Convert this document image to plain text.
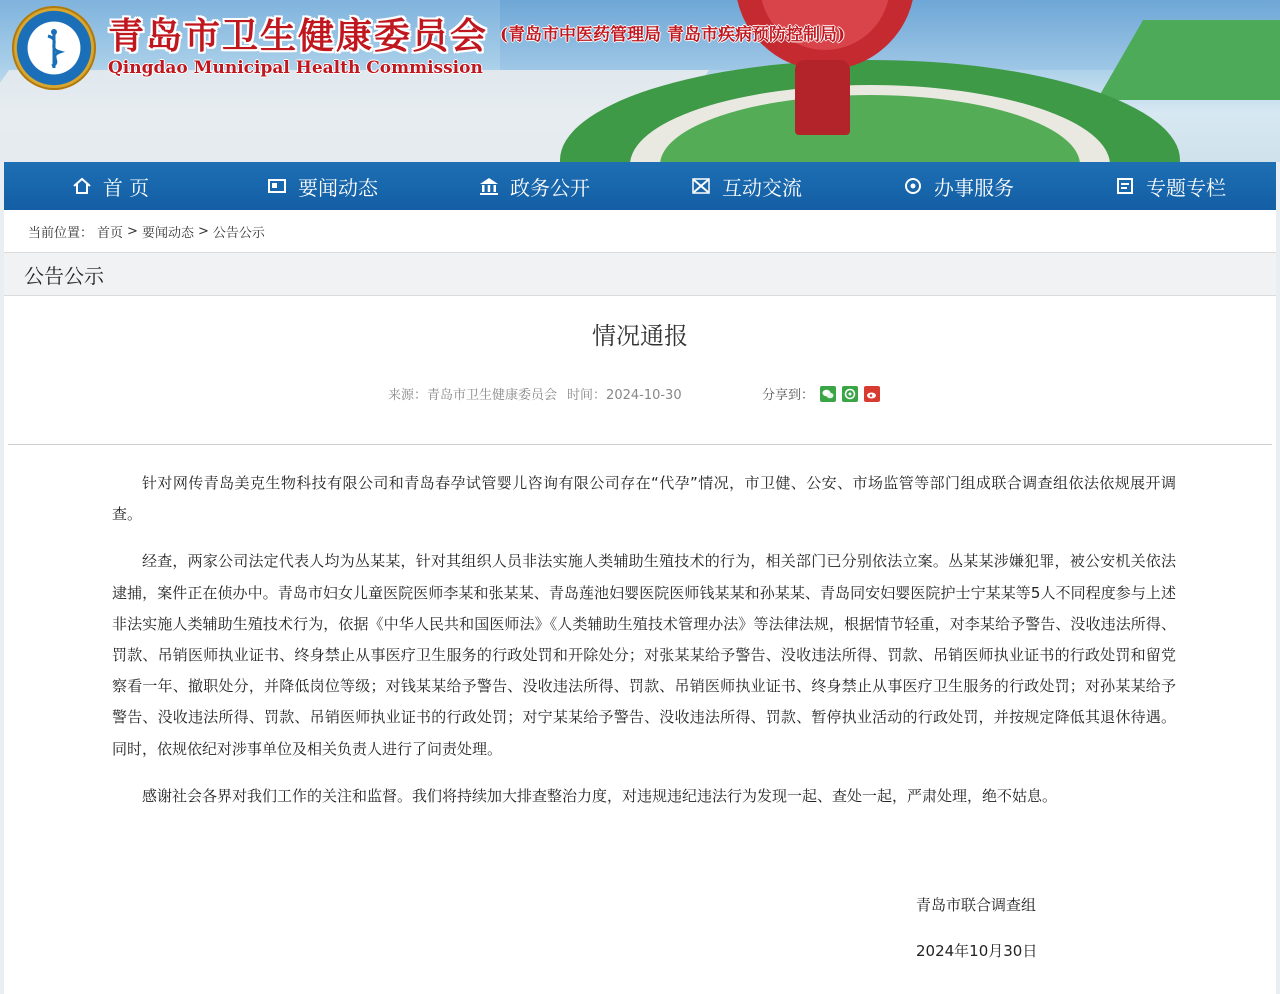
青岛市卫生健康委员会 (青岛市中医药管理局 青岛市疾病预防控制局)
Qingdao Municipal Health Commission
首 页	要闻动态	政务公开	互动交流	办事服务	专题专栏
当前位置： 首页 > 要闻动态 > 公告公示
公告公示
情况通报
来源：青岛市卫生健康委员会 时间：2024-10-30	分享到：

针对网传青岛美克生物科技有限公司和青岛春孕试管婴儿咨询有限公司存在“代孕”情况，市卫健、公安、市场监管等部门组成联合调查组依法依规展开调查。

经查，两家公司法定代表人均为丛某某，针对其组织人员非法实施人类辅助生殖技术的行为，相关部门已分别依法立案。丛某某涉嫌犯罪，被公安机关依法逮捕，案件正在侦办中。青岛市妇女儿童医院医师李某和张某某、青岛莲池妇婴医院医师钱某某和孙某某、青岛同安妇婴医院护士宁某某等5人不同程度参与上述非法实施人类辅助生殖技术行为，依据《中华人民共和国医师法》《人类辅助生殖技术管理办法》等法律法规，根据情节轻重，对李某给予警告、没收违法所得、罚款、吊销医师执业证书、终身禁止从事医疗卫生服务的行政处罚和开除处分；对张某某给予警告、没收违法所得、罚款、吊销医师执业证书的行政处罚和留党察看一年、撤职处分，并降低岗位等级；对钱某某给予警告、没收违法所得、罚款、吊销医师执业证书、终身禁止从事医疗卫生服务的行政处罚；对孙某某给予警告、没收违法所得、罚款、吊销医师执业证书的行政处罚；对宁某某给予警告、没收违法所得、罚款、暂停执业活动的行政处罚，并按规定降低其退休待遇。同时，依规依纪对涉事单位及相关负责人进行了问责处理。

感谢社会各界对我们工作的关注和监督。我们将持续加大排查整治力度，对违规违纪违法行为发现一起、查处一起，严肃处理，绝不姑息。

青岛市联合调查组
2024年10月30日
